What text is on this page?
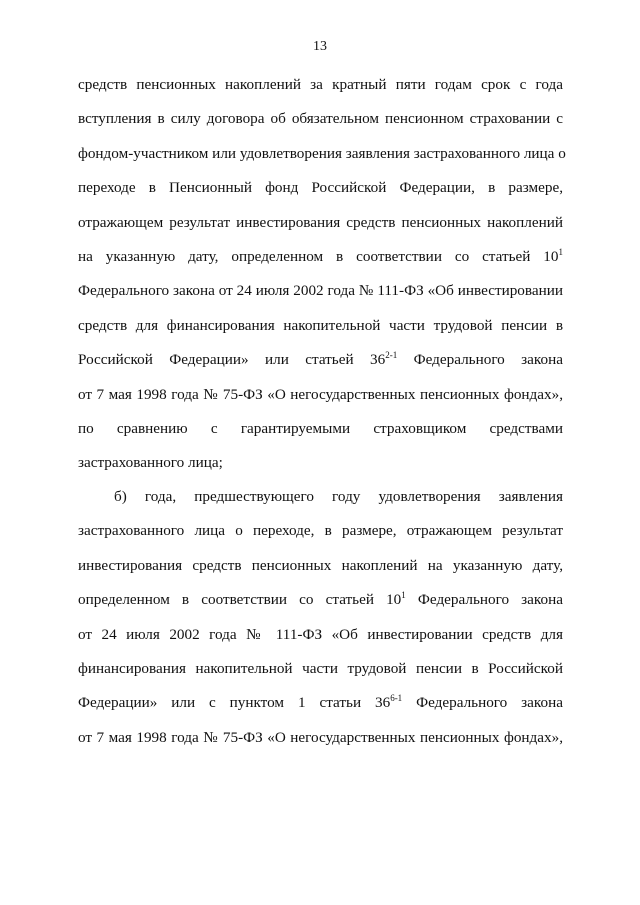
13
средств пенсионных накоплений за кратный пяти годам срок с года
вступления в силу договора об обязательном пенсионном страховании с
фондом-участником или удовлетворения заявления застрахованного лица о
переходе в Пенсионный фонд Российской Федерации, в размере,
отражающем результат инвестирования средств пенсионных накоплений
на указанную дату, определенном в соответствии со статьей $10^1$
Федерального закона от 24 июля 2002 года № 111-ФЗ «Об инвестировании
средств для финансирования накопительной части трудовой пенсии в
Российской Федерации» или статьей 36$^{2-1}$ Федерального закона
от 7 мая 1998 года № 75-ФЗ «О негосударственных пенсионных фондах»,
по сравнению с гарантируемыми страховщиком средствами
застрахованного лица;
б) года, предшествующего году удовлетворения заявления
застрахованного лица о переходе, в размере, отражающем результат
инвестирования средств пенсионных накоплений на указанную дату,
определенном в соответствии со статьей $10^1$ Федерального закона
от 24 июля 2002 года № 111-ФЗ «Об инвестировании средств для
финансирования накопительной части трудовой пенсии в Российской
Федерации» или с пунктом 1 статьи 36$^{6-1}$ Федерального закона
от 7 мая 1998 года № 75-ФЗ «О негосударственных пенсионных фондах»,
